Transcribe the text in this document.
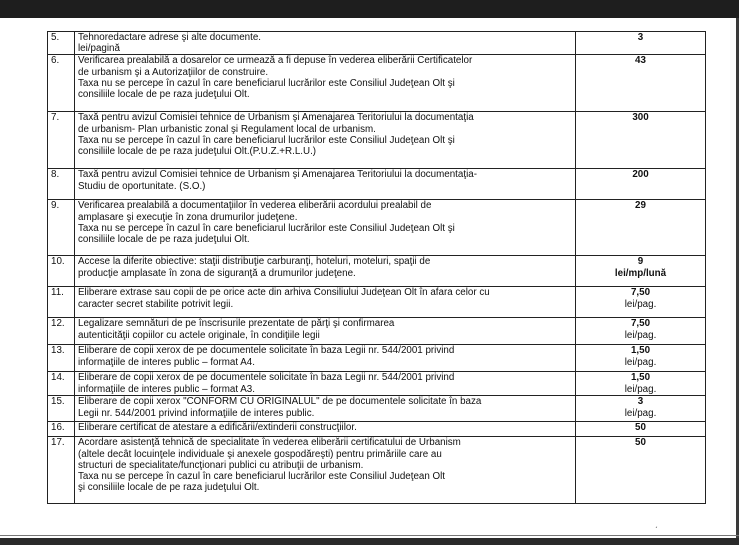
5.	Tehnoredactare adrese şi alte documente.
lei/pagină	3
6.	Verificarea prealabilă a dosarelor ce urmează a fi depuse în vederea eliberării Certificatelor
de urbanism şi a Autorizaţiilor de construire.
Taxa nu se percepe în cazul în care beneficiarul lucrărilor este Consiliul Judeţean Olt şi
consiliile locale de pe raza judeţului Olt.	43
7.	Taxă pentru avizul Comisiei tehnice de Urbanism şi Amenajarea Teritoriului la documentaţia
de urbanism- Plan urbanistic zonal şi Regulament local de urbanism.
Taxa nu se percepe în cazul în care beneficiarul lucrărilor este Consiliul Judeţean Olt şi
consiliile locale de pe raza judeţului Olt.(P.U.Z.+R.L.U.)	300
8.	Taxă pentru avizul Comisiei tehnice de Urbanism şi Amenajarea Teritoriului la documentaţia-
Studiu de oportunitate. (S.O.)	200
9.	Verificarea prealabilă a documentaţiilor în vederea eliberării acordului prealabil de
amplasare şi execuţie în zona drumurilor judeţene.
Taxa nu se percepe în cazul în care beneficiarul lucrărilor este Consiliul Judeţean Olt şi
consiliile locale de pe raza judeţului Olt.	29
10.	Accese la diferite obiective: staţii distribuţie carburanţi, hoteluri, moteluri, spaţii de
producţie amplasate în zona de siguranţă a drumurilor judeţene.	9
lei/mp/lună
11.	Eliberare extrase sau copii de pe orice acte din arhiva Consiliului Judeţean Olt în afara celor cu
caracter secret stabilite potrivit legii.	7,50
lei/pag.
12.	Legalizare semnături de pe înscrisurile prezentate de părţi şi confirmarea
autenticităţii copiilor cu actele originale, în condiţiile legii	7,50
lei/pag.
13.	Eliberare de copii xerox de pe documentele solicitate în baza Legii nr. 544/2001 privind
informaţiile de interes public – format A4.	1,50
lei/pag.
14.	Eliberare de copii xerox de pe documentele solicitate în baza Legii nr. 544/2001 privind
informaţiile de interes public – format A3.	1,50
lei/pag.
15.	Eliberare de copii xerox "CONFORM CU ORIGINALUL" de pe documentele solicitate în baza
Legii nr. 544/2001 privind informaţiile de interes public.	3
lei/pag.
16.	Eliberare certificat de atestare a edificării/extinderii construcţiilor.	50
17.	Acordare asistenţă tehnică de specialitate în vederea eliberării certificatului de Urbanism
(altele decât locuinţele individuale şi anexele gospodăreşti) pentru primăriile care au
structuri de specialitate/funcţionari publici cu atribuţii de urbanism.
Taxa nu se percepe în cazul în care beneficiarul lucrărilor este Consiliul Judeţean Olt
şi consiliile locale de pe raza judeţului Olt.	50
ˊ
